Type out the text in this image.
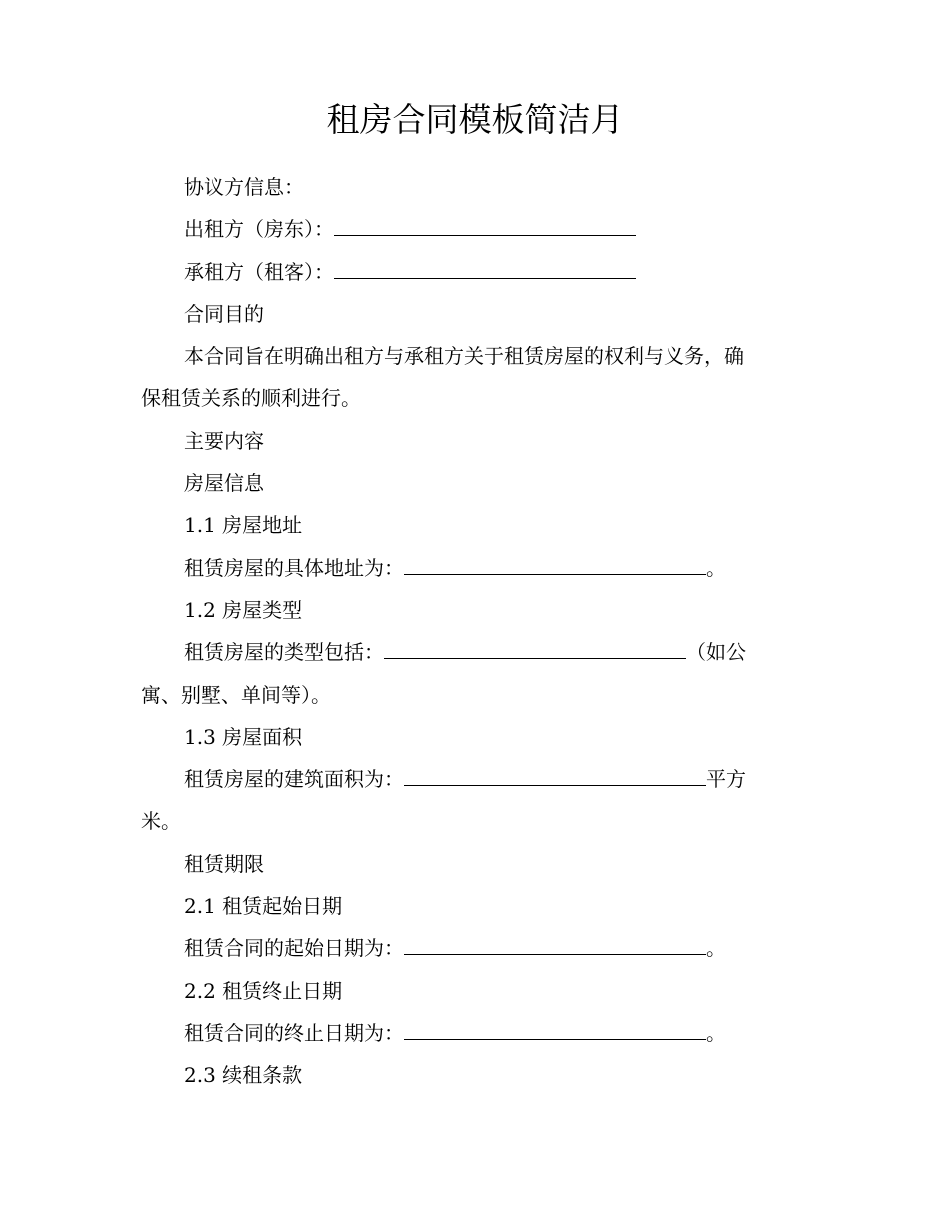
租房合同模板简洁月
协议方信息：
出租方（房东）：
承租方（租客）：
合同目的
本合同旨在明确出租方与承租方关于租赁房屋的权利与义务，确
保租赁关系的顺利进行。
主要内容
房屋信息
1.1 房屋地址
租赁房屋的具体地址为：	。
1.2 房屋类型
租赁房屋的类型包括：	（如公
寓、别墅、单间等）。
1.3 房屋面积
租赁房屋的建筑面积为：	平方
米。
租赁期限
2.1 租赁起始日期
租赁合同的起始日期为：	。
2.2 租赁终止日期
租赁合同的终止日期为：	。
2.3 续租条款
